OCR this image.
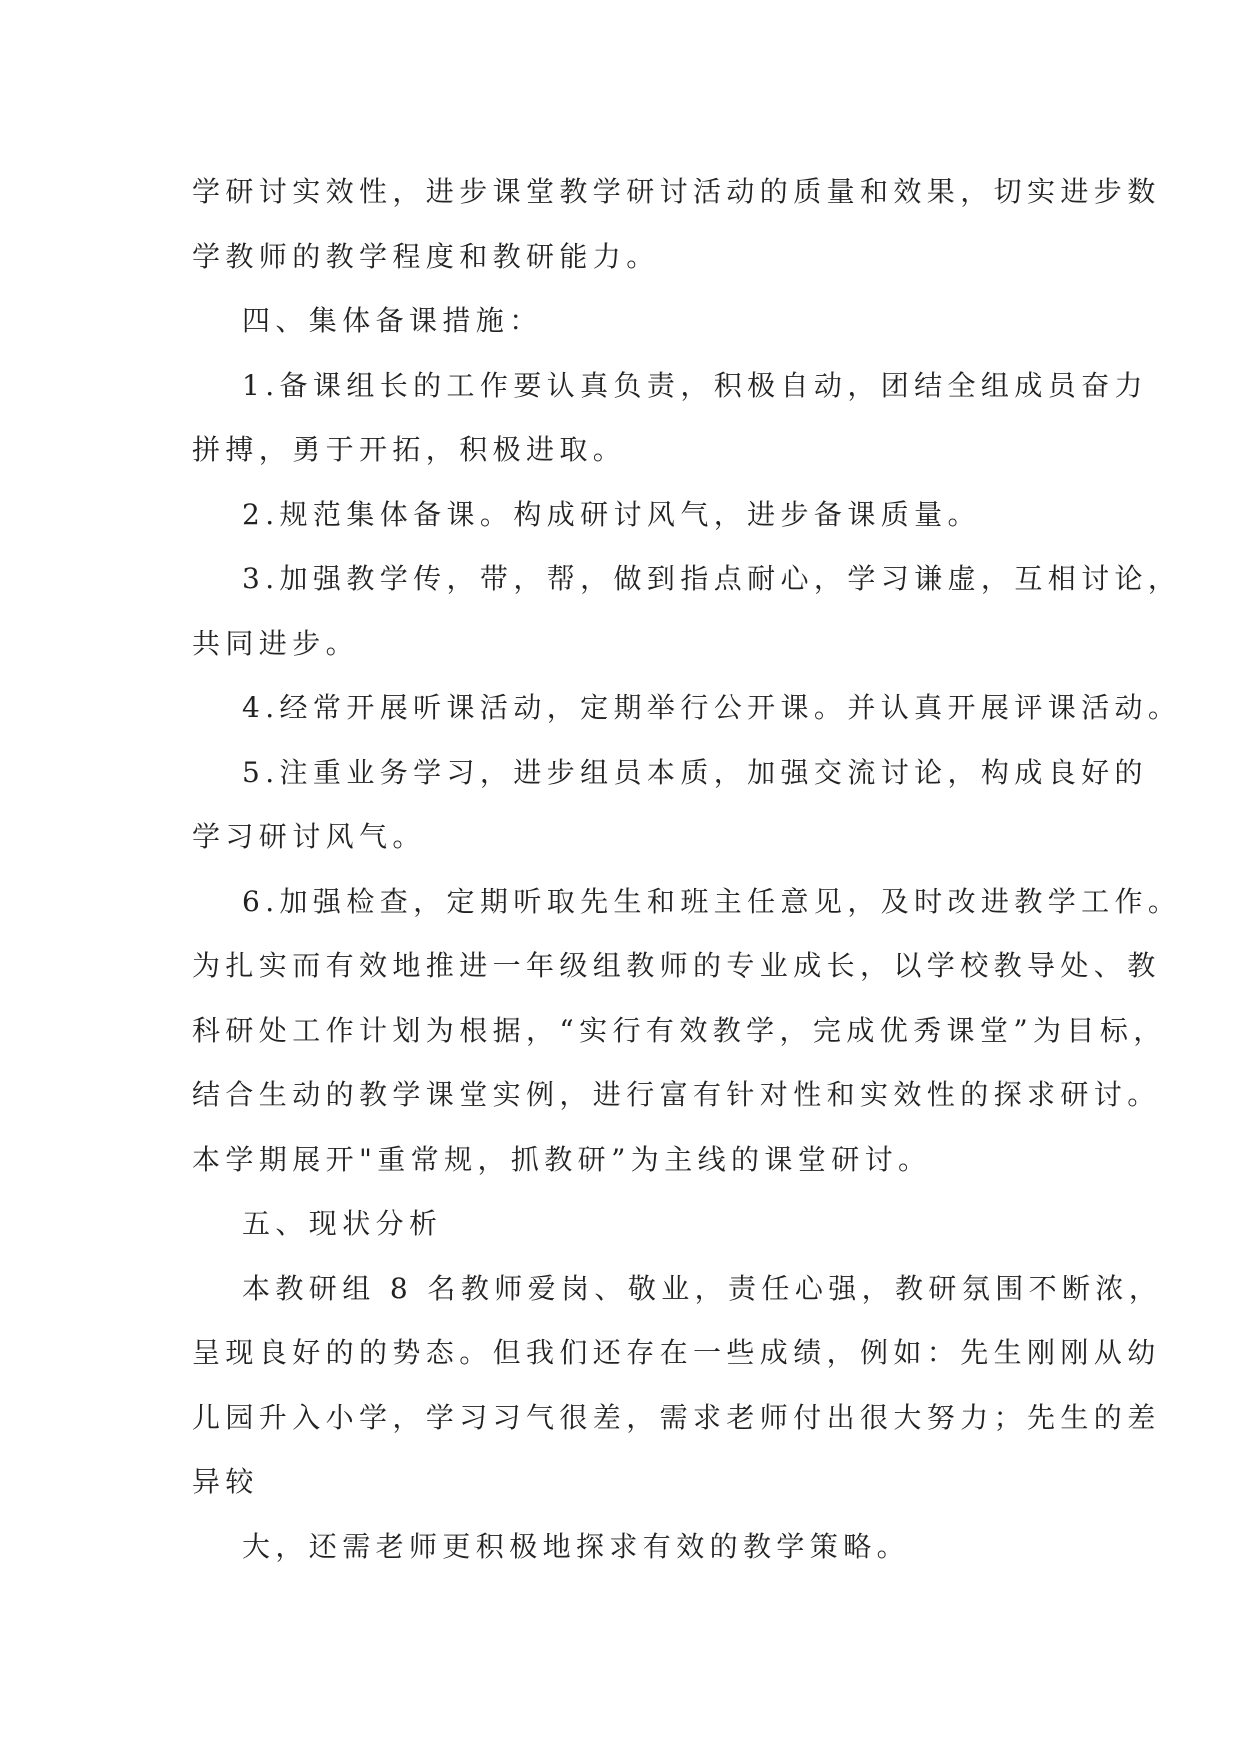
学研讨实效性，进步课堂教学研讨活动的质量和效果，切实进步数

学教师的教学程度和教研能力。

四、集体备课措施：

1.备课组长的工作要认真负责，积极自动，团结全组成员奋力

拼搏，勇于开拓，积极进取。

2.规范集体备课。构成研讨风气，进步备课质量。

3.加强教学传，带，帮，做到指点耐心，学习谦虚，互相讨论，

共同进步。

4.经常开展听课活动，定期举行公开课。并认真开展评课活动。

5.注重业务学习，进步组员本质，加强交流讨论，构成良好的

学习研讨风气。

6.加强检查，定期听取先生和班主任意见，及时改进教学工作。

为扎实而有效地推进一年级组教师的专业成长，以学校教导处、教

科研处工作计划为根据，“实行有效教学，完成优秀课堂”为目标，

结合生动的教学课堂实例，进行富有针对性和实效性的探求研讨。

本学期展开"重常规，抓教研”为主线的课堂研讨。

五、现状分析

本教研组 8 名教师爱岗、敬业，责任心强，教研氛围不断浓，

呈现良好的的势态。但我们还存在一些成绩，例如：先生刚刚从幼

儿园升入小学，学习习气很差，需求老师付出很大努力；先生的差

异较

大，还需老师更积极地探求有效的教学策略。
